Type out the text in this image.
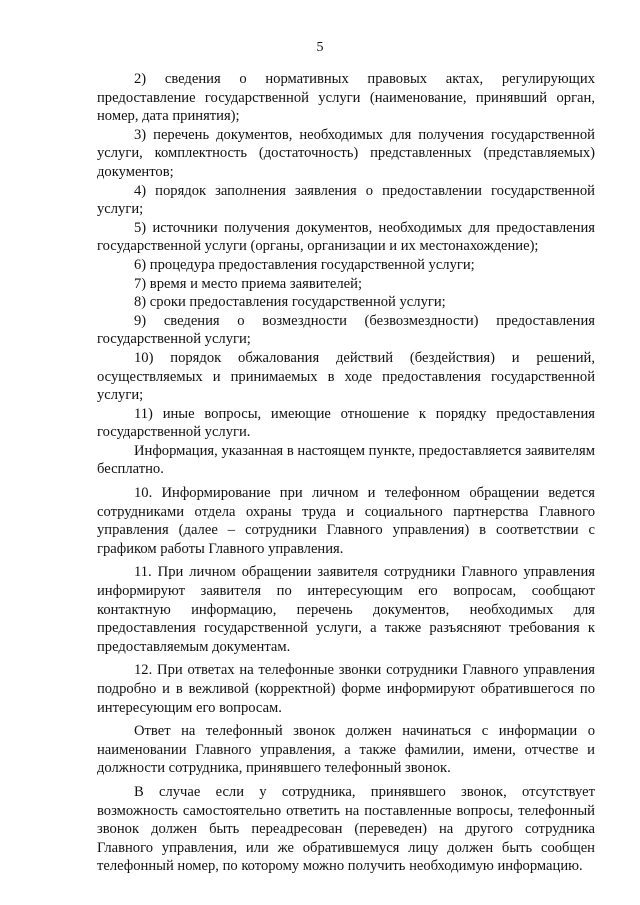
5

2) сведения о нормативных правовых актах, регулирующих предоставление государственной услуги (наименование, принявший орган, номер, дата принятия);

3) перечень документов, необходимых для получения государственной услуги, комплектность (достаточность) представленных (представляемых) документов;

4) порядок заполнения заявления о предоставлении государственной услуги;

5) источники получения документов, необходимых для предоставления государственной услуги (органы, организации и их местонахождение);

6) процедура предоставления государственной услуги;

7) время и место приема заявителей;

8) сроки предоставления государственной услуги;

9) сведения о возмездности (безвозмездности) предоставления государственной услуги;

10) порядок обжалования действий (бездействия) и решений, осуществляемых и принимаемых в ходе предоставления государственной услуги;

11) иные вопросы, имеющие отношение к порядку предоставления государственной услуги.

Информация, указанная в настоящем пункте, предоставляется заявителям бесплатно.

10. Информирование при личном и телефонном обращении ведется сотрудниками отдела охраны труда и социального партнерства Главного управления (далее – сотрудники Главного управления) в соответствии с графиком работы Главного управления.

11. При личном обращении заявителя сотрудники Главного управления информируют заявителя по интересующим его вопросам, сообщают контактную информацию, перечень документов, необходимых для предоставления государственной услуги, а также разъясняют требования к предоставляемым документам.

12. При ответах на телефонные звонки сотрудники Главного управления подробно и в вежливой (корректной) форме информируют обратившегося по интересующим его вопросам.

Ответ на телефонный звонок должен начинаться с информации о наименовании Главного управления, а также фамилии, имени, отчестве и должности сотрудника, принявшего телефонный звонок.

В случае если у сотрудника, принявшего звонок, отсутствует возможность самостоятельно ответить на поставленные вопросы, телефонный звонок должен быть переадресован (переведен) на другого сотрудника Главного управления, или же обратившемуся лицу должен быть сообщен телефонный номер, по которому можно получить необходимую информацию.
